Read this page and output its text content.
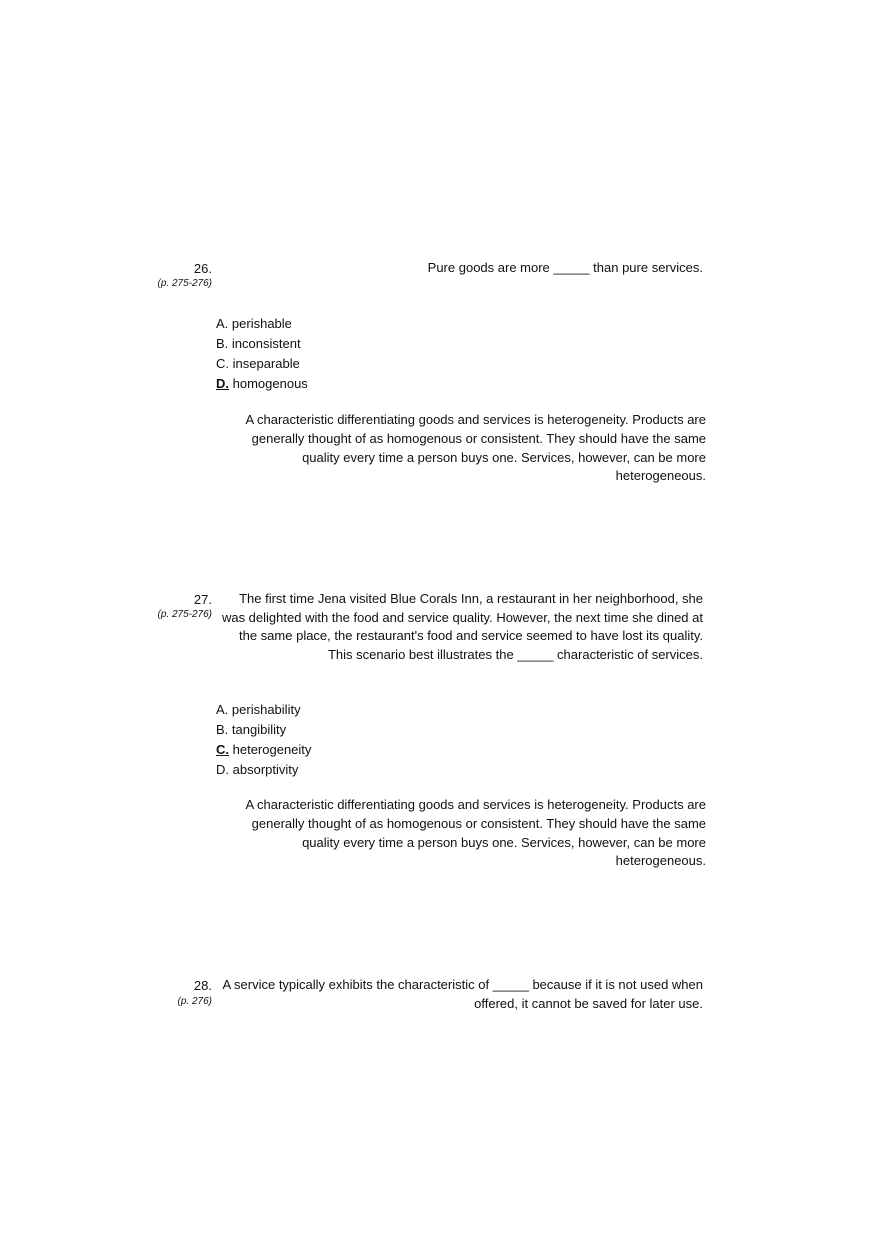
26.
(p. 275-276)
Pure goods are more _____ than pure services.
A. perishable
B. inconsistent
C. inseparable
D. homogenous
A characteristic differentiating goods and services is heterogeneity. Products are generally thought of as homogenous or consistent. They should have the same quality every time a person buys one. Services, however, can be more heterogeneous.
27.
(p. 275-276)
The first time Jena visited Blue Corals Inn, a restaurant in her neighborhood, she was delighted with the food and service quality. However, the next time she dined at the same place, the restaurant's food and service seemed to have lost its quality. This scenario best illustrates the _____ characteristic of services.
A. perishability
B. tangibility
C. heterogeneity
D. absorptivity
A characteristic differentiating goods and services is heterogeneity. Products are generally thought of as homogenous or consistent. They should have the same quality every time a person buys one. Services, however, can be more heterogeneous.
28.
(p. 276)
A service typically exhibits the characteristic of _____ because if it is not used when offered, it cannot be saved for later use.
